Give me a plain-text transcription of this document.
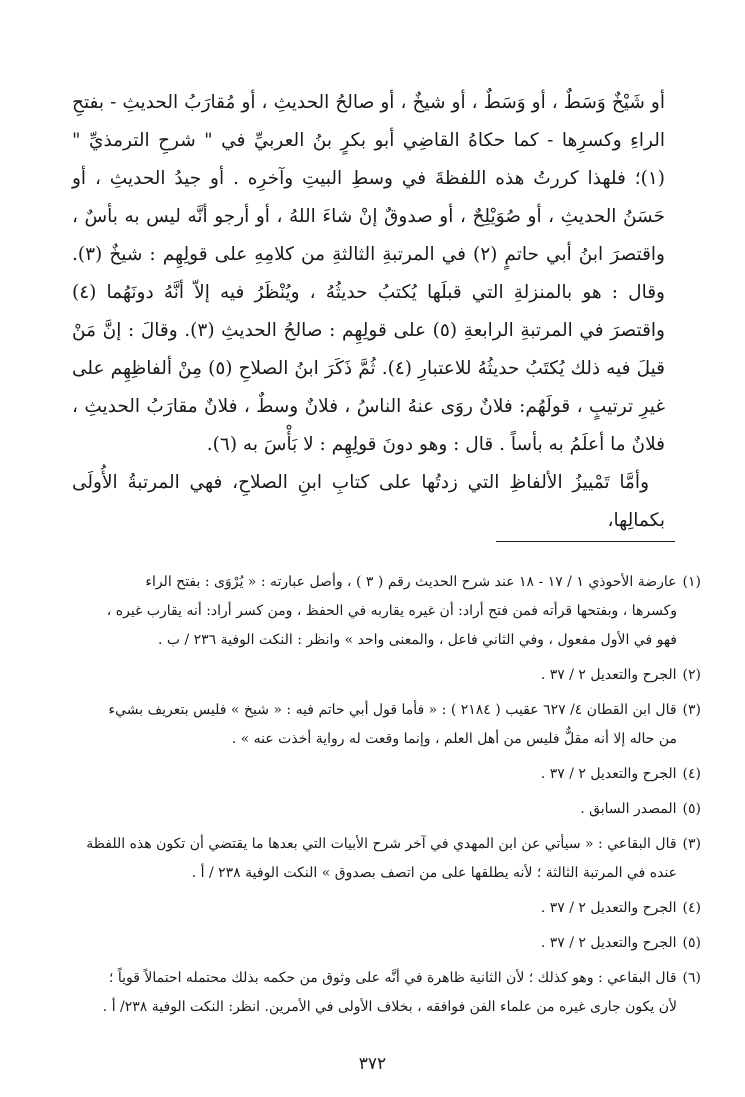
أو شَيْخٌ وَسَطٌ ، أو وَسَطٌ ، أو شيخٌ ، أو صالحُ الحديثِ ، أو مُقارَبُ الحديثِ - بفتحِ الراءِ وكسرِها - كما حكاهُ القاضِي أبو بكرٍ بنُ العربيِّ في " شرحِ الترمذيِّ " (١)؛ فلهذا كررتُ هذه اللفظةَ في وسطِ البيتِ وآخرِه . أو جيدُ الحديثِ ، أو حَسَنُ الحديثِ ، أو صُوَيْلِحٌ ، أو صدوقٌ إنْ شاءَ اللهُ ، أو أرجو أنَّه ليس به بأسٌ ، واقتصرَ ابنُ أبي حاتمٍ (٢) في المرتبةِ الثالثةِ من كلامِهِ على قولِهِم : شيخٌ (٣). وقال : هو بالمنزلةِ التي قبلَها يُكتبُ حديثُهُ ، ويُنْظَرُ فيه إلاّ أنَّهُ دونَهُما (٤) واقتصرَ في المرتبةِ الرابعةِ (٥) على قولِهِم : صالحُ الحديثِ (٣). وقالَ : إنَّ مَنْ قيلَ فيه ذلك يُكتَبُ حديثُهُ للاعتبارِ (٤). ثُمَّ ذَكَرَ ابنُ الصلاحِ (٥) مِنْ ألفاظِهِم على غيرِ ترتيبٍ ، قولَهُم: فلانٌ روَى عنهُ الناسُ ، فلانٌ وسطٌ ، فلانٌ مقارَبُ الحديثِ ، فلانٌ ما أعلَمُ به بأساً . قال : وهو دونَ قولِهِم : لا بَأْسَ به (٦).

وأمَّا تَمْييزُ الألفاظِ التي زدتُها على كتابِ ابنِ الصلاحِ، فهي المرتبةُ الأُولَى بكمالِها،

(١)عارضة الأحوذي ١ / ١٧ - ١٨ عند شرح الحديث رقم ( ٣ ) ، وأصل عبارته : « يُرْوَى : بفتح الراء
وكسرها ، وبفتحها قرأته فمن فتح أراد: أن غيره يقاربه في الحفظ ، ومن كسر أراد: أنه يقارب غيره ،
فهو في الأول مفعول ، وفي الثاني فاعل ، والمعنى واحد » وانظر : النكت الوفية ٢٣٦ / ب .
(٢)الجرح والتعديل ٢ / ٣٧ .
(٣)قال ابن القطان ٤/ ٦٢٧ عقيب ( ٢١٨٤ ) : « فأما قول أبي حاتم فيه : « شيخ » فليس بتعريف بشيء
من حاله إلا أنه مقلٌّ فليس من أهل العلم ، وإنما وقعت له رواية أخذت عنه » .
(٤)الجرح والتعديل ٢ / ٣٧ .
(٥)المصدر السابق .
(٣)قال البقاعي : « سيأتي عن ابن المهدي في آخر شرح الأبيات التي بعدها ما يقتضي أن تكون هذه اللفظة
عنده في المرتبة الثالثة ؛ لأنه يطلقها على من اتصف بصدوق » النكت الوفية ٢٣٨ / أ .
(٤)الجرح والتعديل ٢ / ٣٧ .
(٥)الجرح والتعديل ٢ / ٣٧ .
(٦)قال البقاعي : وهو كذلك ؛ لأن الثانية ظاهرة في أنَّه على وثوق من حكمه بذلك محتمله احتمالاً قوياً ؛
لأن يكون جارى غيره من علماء الفن فوافقه ، بخلاف الأولى في الأمرين. انظر: النكت الوفية ٢٣٨/ أ .
٣٧٢
